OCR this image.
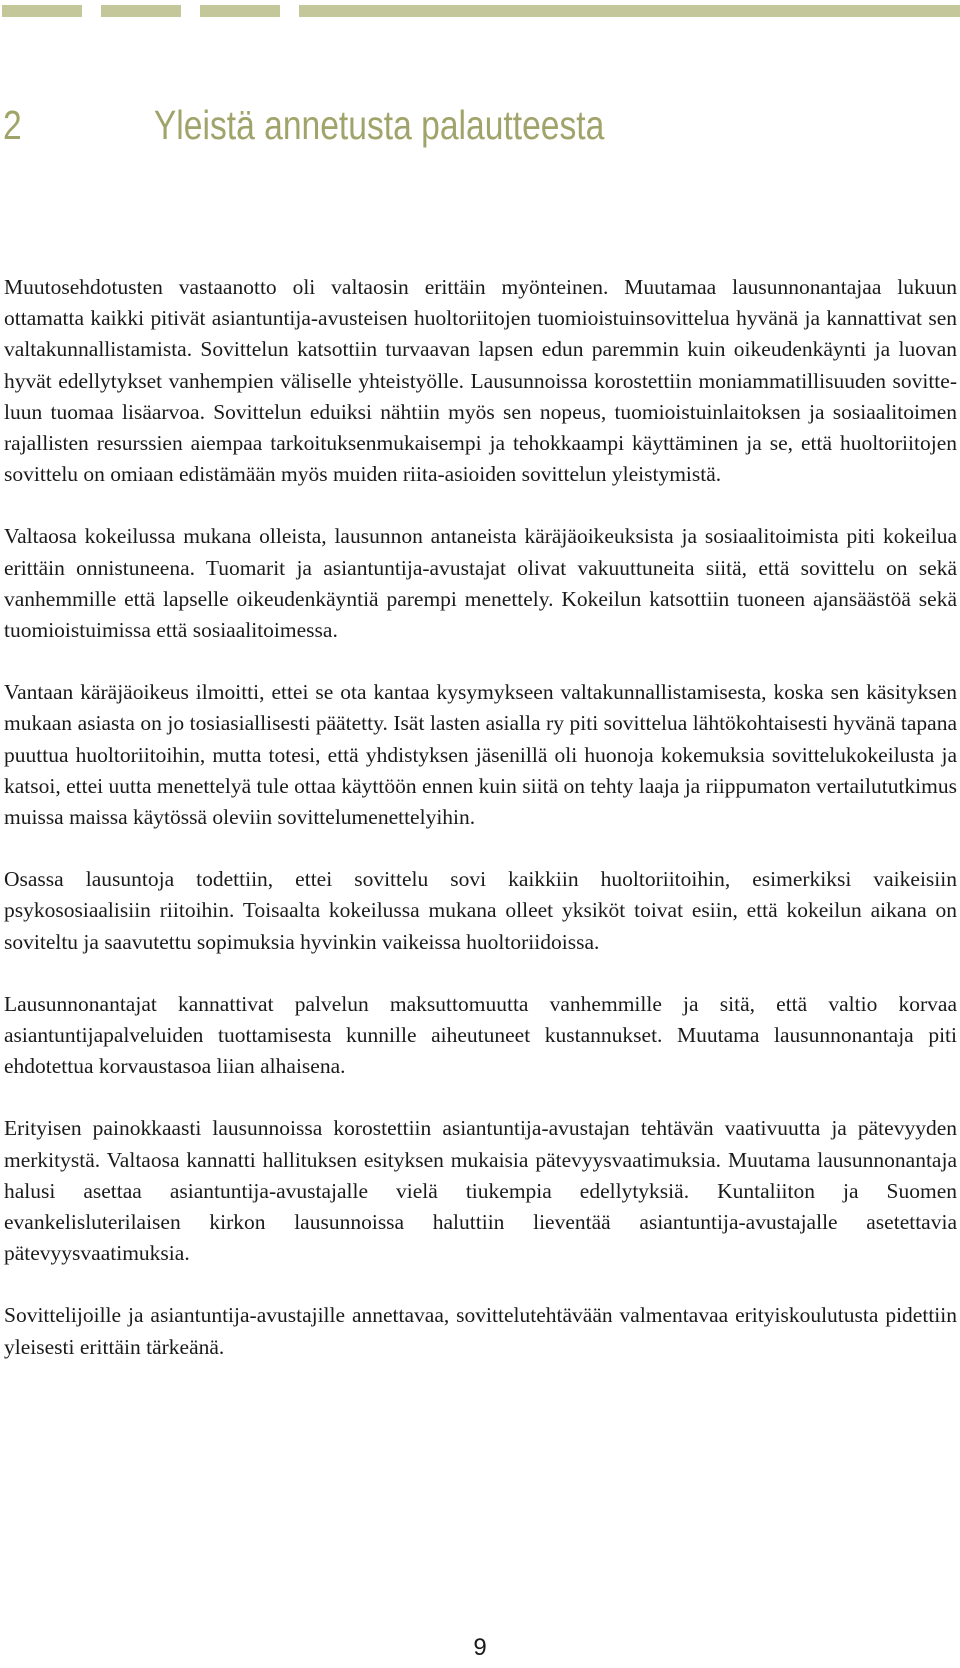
2	Yleistä annetusta palautteesta

Muutosehdotusten vastaanotto oli valtaosin erittäin myönteinen. Muutamaa lausunnonantajaa lukuun ottamatta kaikki pitivät asiantuntija-avusteisen huoltoriitojen tuomioistuinsovittelua hyvänä ja kannattivat sen valtakunnallistamista. Sovittelun katsottiin turvaavan lapsen edun paremmin kuin oikeudenkäynti ja luovan hyvät edellytykset vanhempien väliselle yhteistyölle. Lausunnoissa korostettiin moniammatillisuuden sovitteluun tuomaa lisäarvoa. Sovittelun eduiksi nähtiin myös sen nopeus, tuomioistuinlaitoksen ja sosiaalitoimen rajallisten resurssien aiempaa tarkoituksenmukaisempi ja tehokkaampi käyttäminen ja se, että huoltoriitojen sovittelu on omiaan edistämään myös muiden riita-asioiden sovittelun yleistymistä.

Valtaosa kokeilussa mukana olleista, lausunnon antaneista käräjäoikeuksista ja sosiaalitoimista piti kokeilua erittäin onnistuneena. Tuomarit ja asiantuntija-avustajat olivat vakuuttuneita siitä, että sovittelu on sekä vanhemmille että lapselle oikeudenkäyntiä parempi menettely. Kokeilun katsottiin tuoneen ajansäästöä sekä tuomioistuimissa että sosiaalitoimessa.

Vantaan käräjäoikeus ilmoitti, ettei se ota kantaa kysymykseen valtakunnallistamisesta, koska sen käsityksen mukaan asiasta on jo tosiasiallisesti päätetty. Isät lasten asialla ry piti sovittelua lähtökohtaisesti hyvänä tapana puuttua huoltoriitoihin, mutta totesi, että yhdistyksen jäsenillä oli huonoja kokemuksia sovittelukokeilusta ja katsoi, ettei uutta menettelyä tule ottaa käyttöön ennen kuin siitä on tehty laaja ja riippumaton vertailututkimus muissa maissa käytössä oleviin sovittelumenettelyihin.

Osassa lausuntoja todettiin, ettei sovittelu sovi kaikkiin huoltoriitoihin, esimerkiksi vaikeisiin psykososiaalisiin riitoihin. Toisaalta kokeilussa mukana olleet yksiköt toivat esiin, että kokeilun aikana on soviteltu ja saavutettu sopimuksia hyvinkin vaikeissa huoltoriidoissa.

Lausunnonantajat kannattivat palvelun maksuttomuutta vanhemmille ja sitä, että valtio korvaa asiantuntijapalveluiden tuottamisesta kunnille aiheutuneet kustannukset. Muutama lausunnonantaja piti ehdotettua korvaustasoa liian alhaisena.

Erityisen painokkaasti lausunnoissa korostettiin asiantuntija-avustajan tehtävän vaativuutta ja pätevyyden merkitystä. Valtaosa kannatti hallituksen esityksen mukaisia pätevyysvaatimuksia. Muutama lausunnonantaja halusi asettaa asiantuntija-avustajalle vielä tiukempia edellytyksiä. Kuntaliiton ja Suomen evankelisluterilaisen kirkon lausunnoissa haluttiin lieventää asiantuntija-avustajalle asetettavia pätevyysvaatimuksia.

Sovittelijoille ja asiantuntija-avustajille annettavaa, sovittelutehtävään valmentavaa erityiskoulutusta pidettiin yleisesti erittäin tärkeänä.

9
